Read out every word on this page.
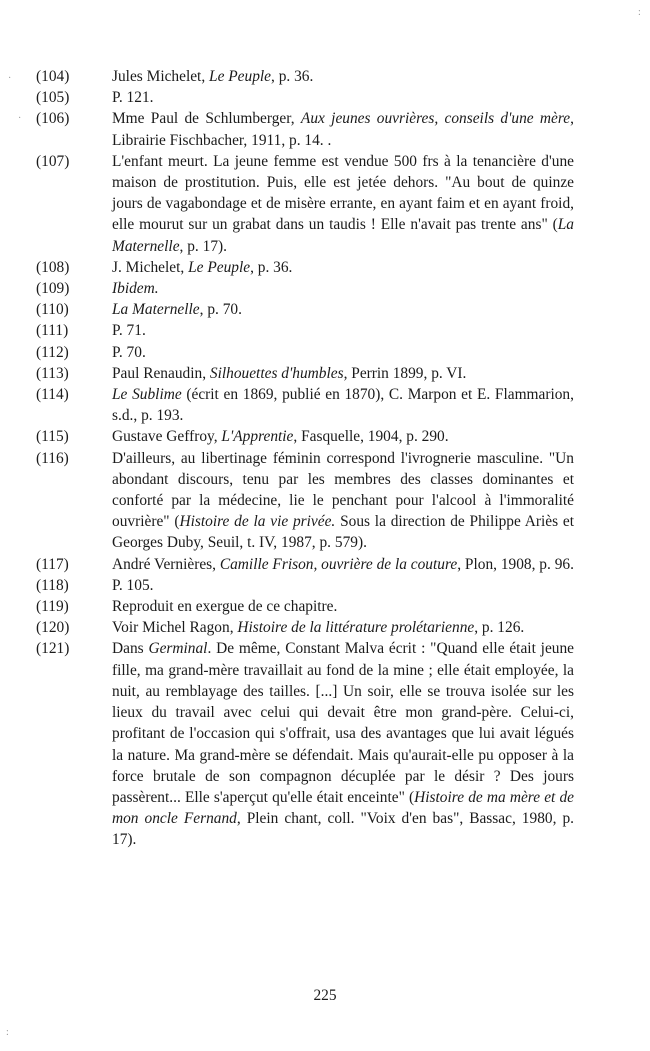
(104)	Jules Michelet, Le Peuple, p. 36.
(105)	P. 121.
(106)	Mme Paul de Schlumberger, Aux jeunes ouvrières, conseils d'une mère, Librairie Fischbacher, 1911, p. 14. .
(107)	L'enfant meurt. La jeune femme est vendue 500 frs à la tenancière d'une maison de prostitution. Puis, elle est jetée dehors. "Au bout de quinze jours de vagabondage et de misère errante, en ayant faim et en ayant froid, elle mourut sur un grabat dans un taudis ! Elle n'avait pas trente ans" (La Maternelle, p. 17).
(108)	J. Michelet, Le Peuple, p. 36.
(109)	Ibidem.
(110)	La Maternelle, p. 70.
(111)	P. 71.
(112)	P. 70.
(113)	Paul Renaudin, Silhouettes d'humbles, Perrin 1899, p. VI.
(114)	Le Sublime (écrit en 1869, publié en 1870), C. Marpon et E. Flammarion, s.d., p. 193.
(115)	Gustave Geffroy, L'Apprentie, Fasquelle, 1904, p. 290.
(116)	D'ailleurs, au libertinage féminin correspond l'ivrognerie masculine. "Un abondant discours, tenu par les membres des classes dominantes et conforté par la médecine, lie le penchant pour l'alcool à l'immoralité ouvrière" (Histoire de la vie privée. Sous la direction de Philippe Ariès et Georges Duby, Seuil, t. IV, 1987, p. 579).
(117)	André Vernières, Camille Frison, ouvrière de la couture, Plon, 1908, p. 96.
(118)	P. 105.
(119)	Reproduit en exergue de ce chapitre.
(120)	Voir Michel Ragon, Histoire de la littérature prolétarienne, p. 126.
(121)	Dans Germinal. De même, Constant Malva écrit : "Quand elle était jeune fille, ma grand-mère travaillait au fond de la mine ; elle était employée, la nuit, au remblayage des tailles. [...] Un soir, elle se trouva isolée sur les lieux du travail avec celui qui devait être mon grand-père. Celui-ci, profitant de l'occasion qui s'offrait, usa des avantages que lui avait légués la nature. Ma grand-mère se défendait. Mais qu'aurait-elle pu opposer à la force brutale de son compagnon décuplée par le désir ? Des jours passèrent... Elle s'aperçut qu'elle était enceinte" (Histoire de ma mère et de mon oncle Fernand, Plein chant, coll. "Voix d'en bas", Bassac, 1980, p. 17).
225
·
·
:
:
